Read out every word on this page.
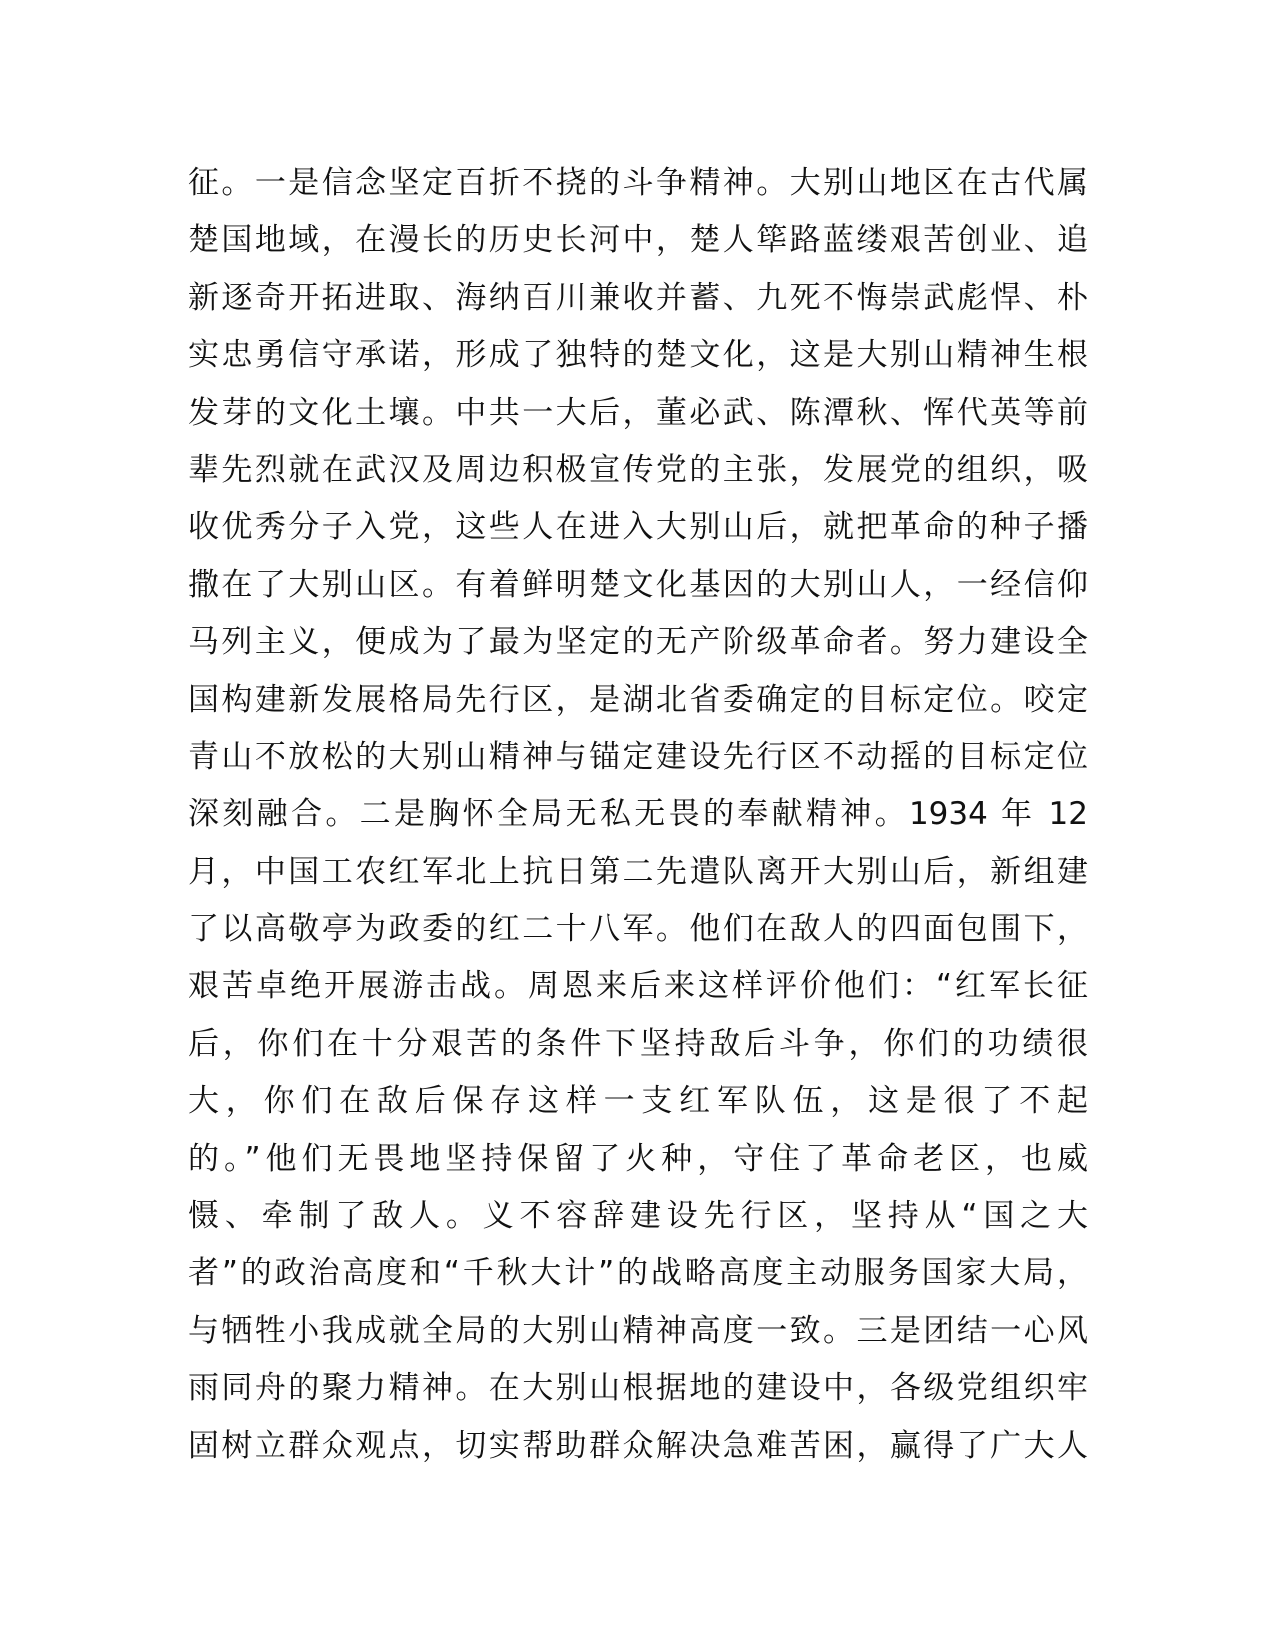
征。一是信念坚定百折不挠的斗争精神。大别山地区在古代属
楚国地域，在漫长的历史长河中，楚人筚路蓝缕艰苦创业、追
新逐奇开拓进取、海纳百川兼收并蓄、九死不悔崇武彪悍、朴
实忠勇信守承诺，形成了独特的楚文化，这是大别山精神生根
发芽的文化土壤。中共一大后，董必武、陈潭秋、恽代英等前
辈先烈就在武汉及周边积极宣传党的主张，发展党的组织，吸
收优秀分子入党，这些人在进入大别山后，就把革命的种子播
撒在了大别山区。有着鲜明楚文化基因的大别山人，一经信仰
马列主义，便成为了最为坚定的无产阶级革命者。努力建设全
国构建新发展格局先行区，是湖北省委确定的目标定位。咬定
青山不放松的大别山精神与锚定建设先行区不动摇的目标定位
深刻融合。二是胸怀全局无私无畏的奉献精神。1934 年 12
月，中国工农红军北上抗日第二先遣队离开大别山后，新组建
了以高敬亭为政委的红二十八军。他们在敌人的四面包围下，
艰苦卓绝开展游击战。周恩来后来这样评价他们：“红军长征
后，你们在十分艰苦的条件下坚持敌后斗争，你们的功绩很
大，你们在敌后保存这样一支红军队伍，这是很了不起
的。”他们无畏地坚持保留了火种，守住了革命老区，也威
慑、牵制了敌人。义不容辞建设先行区，坚持从“国之大
者”的政治高度和“千秋大计”的战略高度主动服务国家大局，
与牺牲小我成就全局的大别山精神高度一致。三是团结一心风
雨同舟的聚力精神。在大别山根据地的建设中，各级党组织牢
固树立群众观点，切实帮助群众解决急难苦困，赢得了广大人
